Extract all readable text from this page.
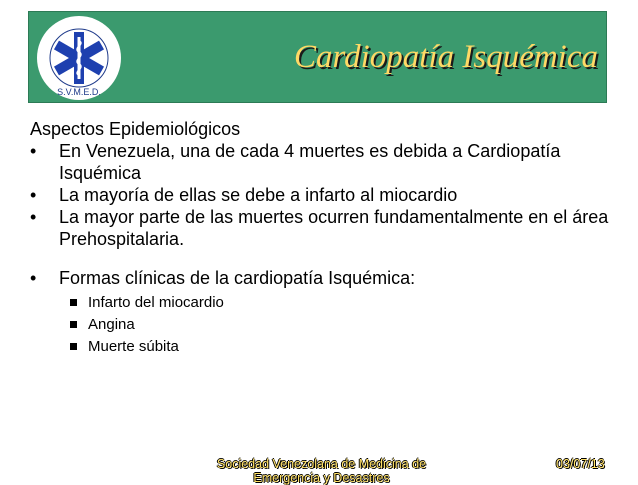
S.V.M.E.D.
Cardiopatía Isquémica

Aspectos Epidemiológicos

• En Venezuela, una de cada 4 muertes es debida a Cardiopatía Isquémica
• La mayoría de ellas se debe a infarto al miocardio
• La mayor parte de las muertes ocurren fundamentalmente en el área Prehospitalaria.
• Formas clínicas de la cardiopatía Isquémica:
Infarto del miocardio
Angina
Muerte súbita
Sociedad Venezolana de Medicina de Emergencia y Desastres
03/07/13
